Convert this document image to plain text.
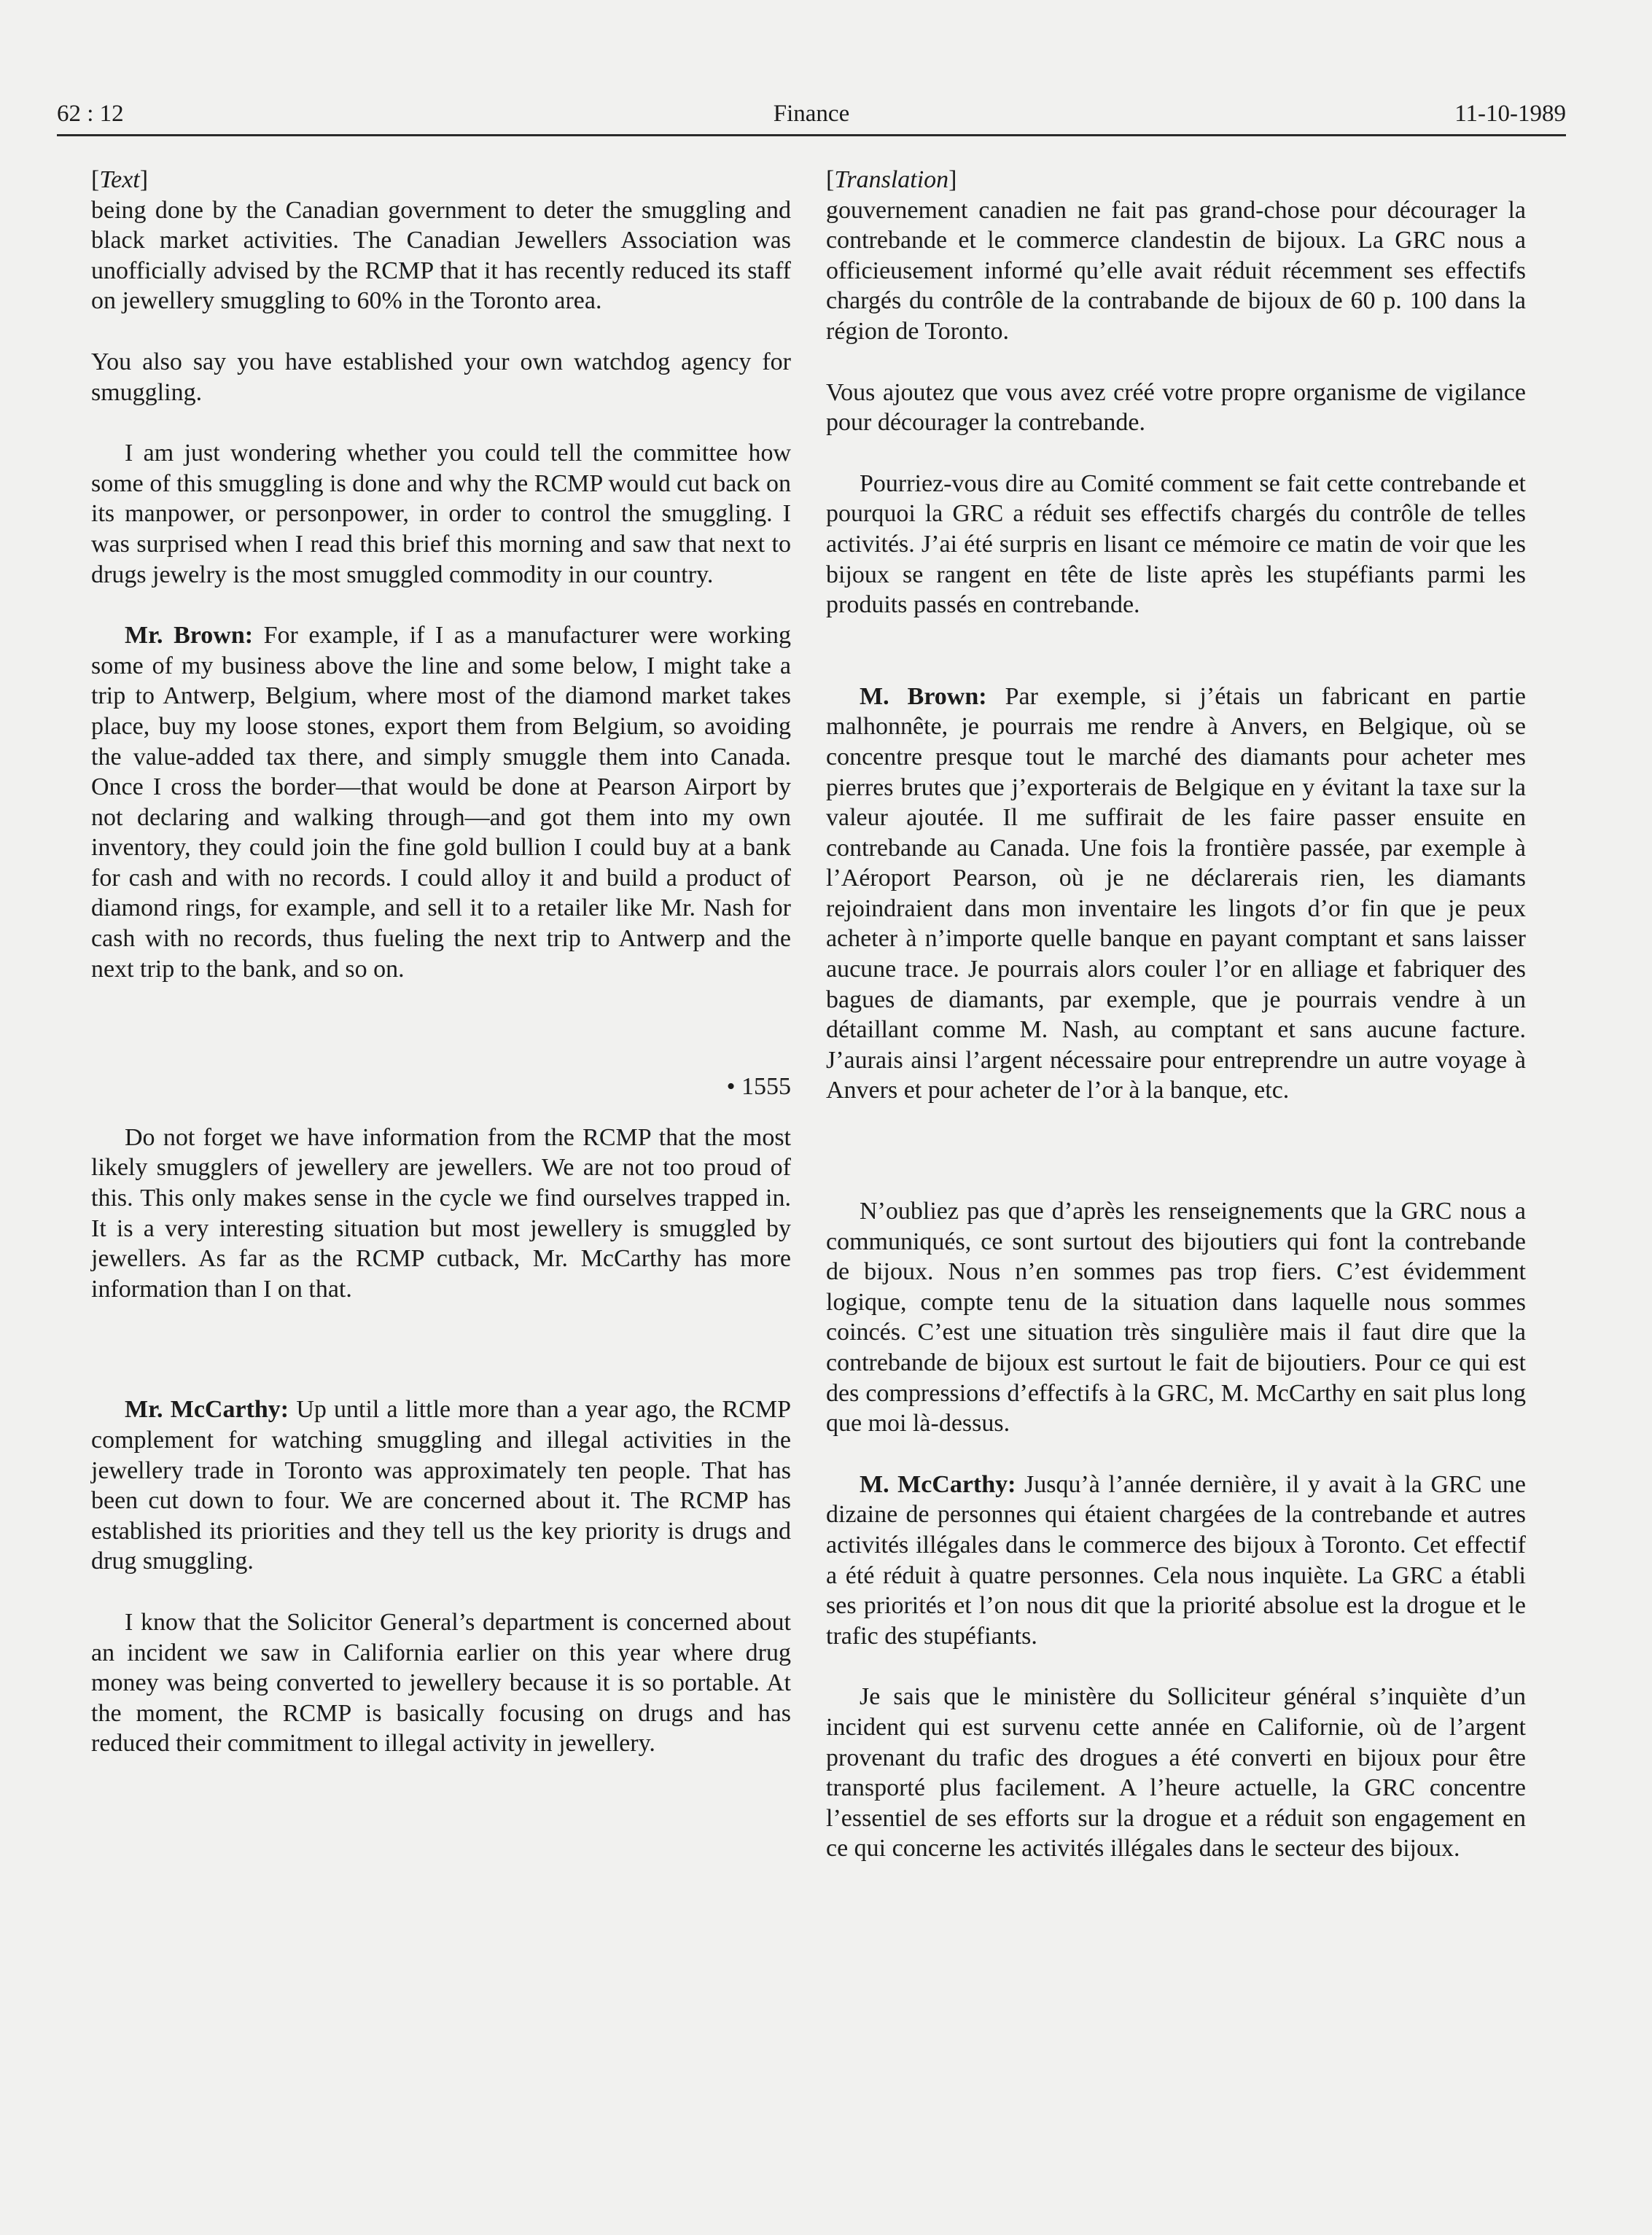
62 : 12	Finance	11-10-1989

[Text]

being done by the Canadian government to deter the smuggling and black market activities. The Canadian Jewellers Association was unofficially advised by the RCMP that it has recently reduced its staff on jewellery smuggling to 60% in the Toronto area.

You also say you have established your own watchdog agency for smuggling.

I am just wondering whether you could tell the committee how some of this smuggling is done and why the RCMP would cut back on its manpower, or personpower, in order to control the smuggling. I was surprised when I read this brief this morning and saw that next to drugs jewelry is the most smuggled commodity in our country.

Mr. Brown: For example, if I as a manufacturer were working some of my business above the line and some below, I might take a trip to Antwerp, Belgium, where most of the diamond market takes place, buy my loose stones, export them from Belgium, so avoiding the value-added tax there, and simply smuggle them into Canada. Once I cross the border—that would be done at Pearson Airport by not declaring and walking through—and got them into my own inventory, they could join the fine gold bullion I could buy at a bank for cash and with no records. I could alloy it and build a product of diamond rings, for example, and sell it to a retailer like Mr. Nash for cash with no records, thus fueling the next trip to Antwerp and the next trip to the bank, and so on.

• 1555

Do not forget we have information from the RCMP that the most likely smugglers of jewellery are jewellers. We are not too proud of this. This only makes sense in the cycle we find ourselves trapped in. It is a very interesting situation but most jewellery is smuggled by jewellers. As far as the RCMP cutback, Mr. McCarthy has more information than I on that.

Mr. McCarthy: Up until a little more than a year ago, the RCMP complement for watching smuggling and illegal activities in the jewellery trade in Toronto was approximately ten people. That has been cut down to four. We are concerned about it. The RCMP has established its priorities and they tell us the key priority is drugs and drug smuggling.

I know that the Solicitor General’s department is concerned about an incident we saw in California earlier on this year where drug money was being converted to jewellery because it is so portable. At the moment, the RCMP is basically focusing on drugs and has reduced their commitment to illegal activity in jewellery.

[Translation]

gouvernement canadien ne fait pas grand-chose pour décourager la contrebande et le commerce clandestin de bijoux. La GRC nous a officieusement informé qu’elle avait réduit récemment ses effectifs chargés du contrôle de la contrabande de bijoux de 60 p. 100 dans la région de Toronto.

Vous ajoutez que vous avez créé votre propre organisme de vigilance pour décourager la contrebande.

Pourriez-vous dire au Comité comment se fait cette contrebande et pourquoi la GRC a réduit ses effectifs chargés du contrôle de telles activités. J’ai été surpris en lisant ce mémoire ce matin de voir que les bijoux se rangent en tête de liste après les stupéfiants parmi les produits passés en contrebande.

M. Brown: Par exemple, si j’étais un fabricant en partie malhonnête, je pourrais me rendre à Anvers, en Belgique, où se concentre presque tout le marché des diamants pour acheter mes pierres brutes que j’exporterais de Belgique en y évitant la taxe sur la valeur ajoutée. Il me suffirait de les faire passer ensuite en contrebande au Canada. Une fois la frontière passée, par exemple à l’Aéroport Pearson, où je ne déclarerais rien, les diamants rejoindraient dans mon inventaire les lingots d’or fin que je peux acheter à n’importe quelle banque en payant comptant et sans laisser aucune trace. Je pourrais alors couler l’or en alliage et fabriquer des bagues de diamants, par exemple, que je pourrais vendre à un détaillant comme M. Nash, au comptant et sans aucune facture. J’aurais ainsi l’argent nécessaire pour entreprendre un autre voyage à Anvers et pour acheter de l’or à la banque, etc.

N’oubliez pas que d’après les renseignements que la GRC nous a communiqués, ce sont surtout des bijoutiers qui font la contrebande de bijoux. Nous n’en sommes pas trop fiers. C’est évidemment logique, compte tenu de la situation dans laquelle nous sommes coincés. C’est une situation très singulière mais il faut dire que la contrebande de bijoux est surtout le fait de bijoutiers. Pour ce qui est des compressions d’effectifs à la GRC, M. McCarthy en sait plus long que moi là-dessus.

M. McCarthy: Jusqu’à l’année dernière, il y avait à la GRC une dizaine de personnes qui étaient chargées de la contrebande et autres activités illégales dans le commerce des bijoux à Toronto. Cet effectif a été réduit à quatre personnes. Cela nous inquiète. La GRC a établi ses priorités et l’on nous dit que la priorité absolue est la drogue et le trafic des stupéfiants.

Je sais que le ministère du Solliciteur général s’inquiète d’un incident qui est survenu cette année en Californie, où de l’argent provenant du trafic des drogues a été converti en bijoux pour être transporté plus facilement. A l’heure actuelle, la GRC concentre l’essentiel de ses efforts sur la drogue et a réduit son engagement en ce qui concerne les activités illégales dans le secteur des bijoux.
